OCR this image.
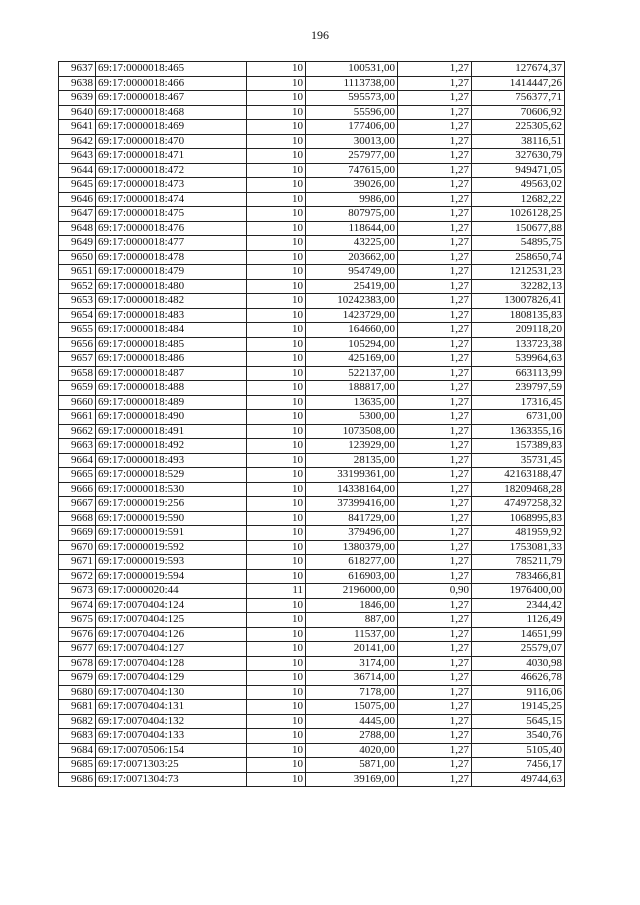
196
9637	69:17:0000018:465	10	100531,00	1,27	127674,37
9638	69:17:0000018:466	10	1113738,00	1,27	1414447,26
9639	69:17:0000018:467	10	595573,00	1,27	756377,71
9640	69:17:0000018:468	10	55596,00	1,27	70606,92
9641	69:17:0000018:469	10	177406,00	1,27	225305,62
9642	69:17:0000018:470	10	30013,00	1,27	38116,51
9643	69:17:0000018:471	10	257977,00	1,27	327630,79
9644	69:17:0000018:472	10	747615,00	1,27	949471,05
9645	69:17:0000018:473	10	39026,00	1,27	49563,02
9646	69:17:0000018:474	10	9986,00	1,27	12682,22
9647	69:17:0000018:475	10	807975,00	1,27	1026128,25
9648	69:17:0000018:476	10	118644,00	1,27	150677,88
9649	69:17:0000018:477	10	43225,00	1,27	54895,75
9650	69:17:0000018:478	10	203662,00	1,27	258650,74
9651	69:17:0000018:479	10	954749,00	1,27	1212531,23
9652	69:17:0000018:480	10	25419,00	1,27	32282,13
9653	69:17:0000018:482	10	10242383,00	1,27	13007826,41
9654	69:17:0000018:483	10	1423729,00	1,27	1808135,83
9655	69:17:0000018:484	10	164660,00	1,27	209118,20
9656	69:17:0000018:485	10	105294,00	1,27	133723,38
9657	69:17:0000018:486	10	425169,00	1,27	539964,63
9658	69:17:0000018:487	10	522137,00	1,27	663113,99
9659	69:17:0000018:488	10	188817,00	1,27	239797,59
9660	69:17:0000018:489	10	13635,00	1,27	17316,45
9661	69:17:0000018:490	10	5300,00	1,27	6731,00
9662	69:17:0000018:491	10	1073508,00	1,27	1363355,16
9663	69:17:0000018:492	10	123929,00	1,27	157389,83
9664	69:17:0000018:493	10	28135,00	1,27	35731,45
9665	69:17:0000018:529	10	33199361,00	1,27	42163188,47
9666	69:17:0000018:530	10	14338164,00	1,27	18209468,28
9667	69:17:0000019:256	10	37399416,00	1,27	47497258,32
9668	69:17:0000019:590	10	841729,00	1,27	1068995,83
9669	69:17:0000019:591	10	379496,00	1,27	481959,92
9670	69:17:0000019:592	10	1380379,00	1,27	1753081,33
9671	69:17:0000019:593	10	618277,00	1,27	785211,79
9672	69:17:0000019:594	10	616903,00	1,27	783466,81
9673	69:17:0000020:44	11	2196000,00	0,90	1976400,00
9674	69:17:0070404:124	10	1846,00	1,27	2344,42
9675	69:17:0070404:125	10	887,00	1,27	1126,49
9676	69:17:0070404:126	10	11537,00	1,27	14651,99
9677	69:17:0070404:127	10	20141,00	1,27	25579,07
9678	69:17:0070404:128	10	3174,00	1,27	4030,98
9679	69:17:0070404:129	10	36714,00	1,27	46626,78
9680	69:17:0070404:130	10	7178,00	1,27	9116,06
9681	69:17:0070404:131	10	15075,00	1,27	19145,25
9682	69:17:0070404:132	10	4445,00	1,27	5645,15
9683	69:17:0070404:133	10	2788,00	1,27	3540,76
9684	69:17:0070506:154	10	4020,00	1,27	5105,40
9685	69:17:0071303:25	10	5871,00	1,27	7456,17
9686	69:17:0071304:73	10	39169,00	1,27	49744,63
